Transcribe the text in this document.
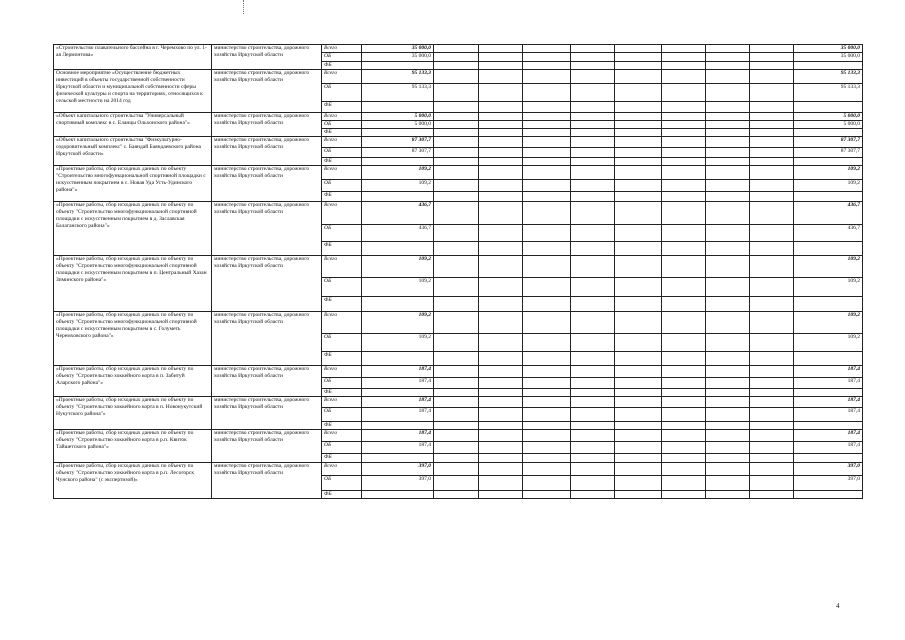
«Строительство плавательного бассейна в г. Черемхово по ул. 1-ая Лермонтова»	министерство строительства, дорожного хозяйства Иркутской области	Всего	35 000,0									35 000,0
		ОБ	35 000,0									35 000,0
		ФБ										
Основное мероприятие «Осуществление бюджетных инвестиций в объекты государственной собственности Иркутской области и муниципальной собственности сферы физической культуры и спорта на территориях, относящихся к сельской местности на 2014 год	министерство строительства, дорожного хозяйства Иркутской области	Всего	95 133,3									95 133,3
		ОБ	95 133,3									95 133,3
		ФБ										
«Объект капитального строительства "Универсальный спортивный комплекс в с. Еланцы Ольхонского района"»	министерство строительства, дорожного хозяйства Иркутской области	Всего	5 000,0									5 000,0
		ОБ	5 000,0									5 000,0
		ФБ										
«Объект капитального строительства "Физкультурно-оздоровительный комплекс" с. Баяндай Баяндаевского района Иркутской области»	министерство строительства, дорожного хозяйства Иркутской области	Всего	87 307,7									87 307,7
		ОБ	87 307,7									87 307,7
		ФБ										
«Проектные работы, сбор исходных данных по объекту "Строительство многофункциональной спортивной площадки с искусственным покрытием в с. Новая Уда Усть-Удинского района"»	министерство строительства, дорожного хозяйства Иркутской области	Всего	109,2									109,2
		ОБ	109,2									109,2
		ФБ										
«Проектные работы, сбор исходных данных по объекту по объекту "Строительство многофункциональной спортивной площадки с искусственным покрытием в д. Заславская Балаганского района"»	министерство строительства, дорожного хозяйства Иркутской области	Всего	436,7									436,7
		ОБ	436,7									436,7
		ФБ										
«Проектные работы, сбор исходных данных по объекту по объекту "Строительство многофункциональной спортивной площадки с искусственным покрытием в п. Центральный Хазан Зиминского района"»	министерство строительства, дорожного хозяйства Иркутской области	Всего	109,2									109,2
		ОБ	109,2									109,2
		ФБ										
«Проектные работы, сбор исходных данных по объекту по объекту "Строительство многофункциональной спортивной площадки с искусственным покрытием в с. Голуметь Черемховского района"»	министерство строительства, дорожного хозяйства Иркутской области	Всего	109,2									109,2
		ОБ	109,2									109,2
		ФБ										
«Проектные работы, сбор исходных данных по объекту по объекту "Строительство хоккейного корта в п. Забитуй Аларского района"»	министерство строительства, дорожного хозяйства Иркутской области	Всего	187,4									187,4
		ОБ	187,4									187,4
		ФБ										
«Проектные работы, сбор исходных данных по объекту по объекту "Строительство хоккейного корта в п. Новонукутский Нукутского района"»	министерство строительства, дорожного хозяйства Иркутской области	Всего	187,4									187,4
		ОБ	187,4									187,4
		ФБ										
«Проектные работы, сбор исходных данных по объекту по объекту "Строительство хоккейного корта в р.п. Квиток Тайшетского района"»	министерство строительства, дорожного хозяйства Иркутской области	Всего	187,4									187,4
		ОБ	187,4									187,4
		ФБ										
«Проектные работы, сбор исходных данных по объекту по объекту "Строительство хоккейного корта в р.п. Лесогорск Чунского района" (с экспертизой)»	министерство строительства, дорожного хозяйства Иркутской области	Всего	397,0									397,0
		ОБ	397,0									397,0
		ФБ										
4
